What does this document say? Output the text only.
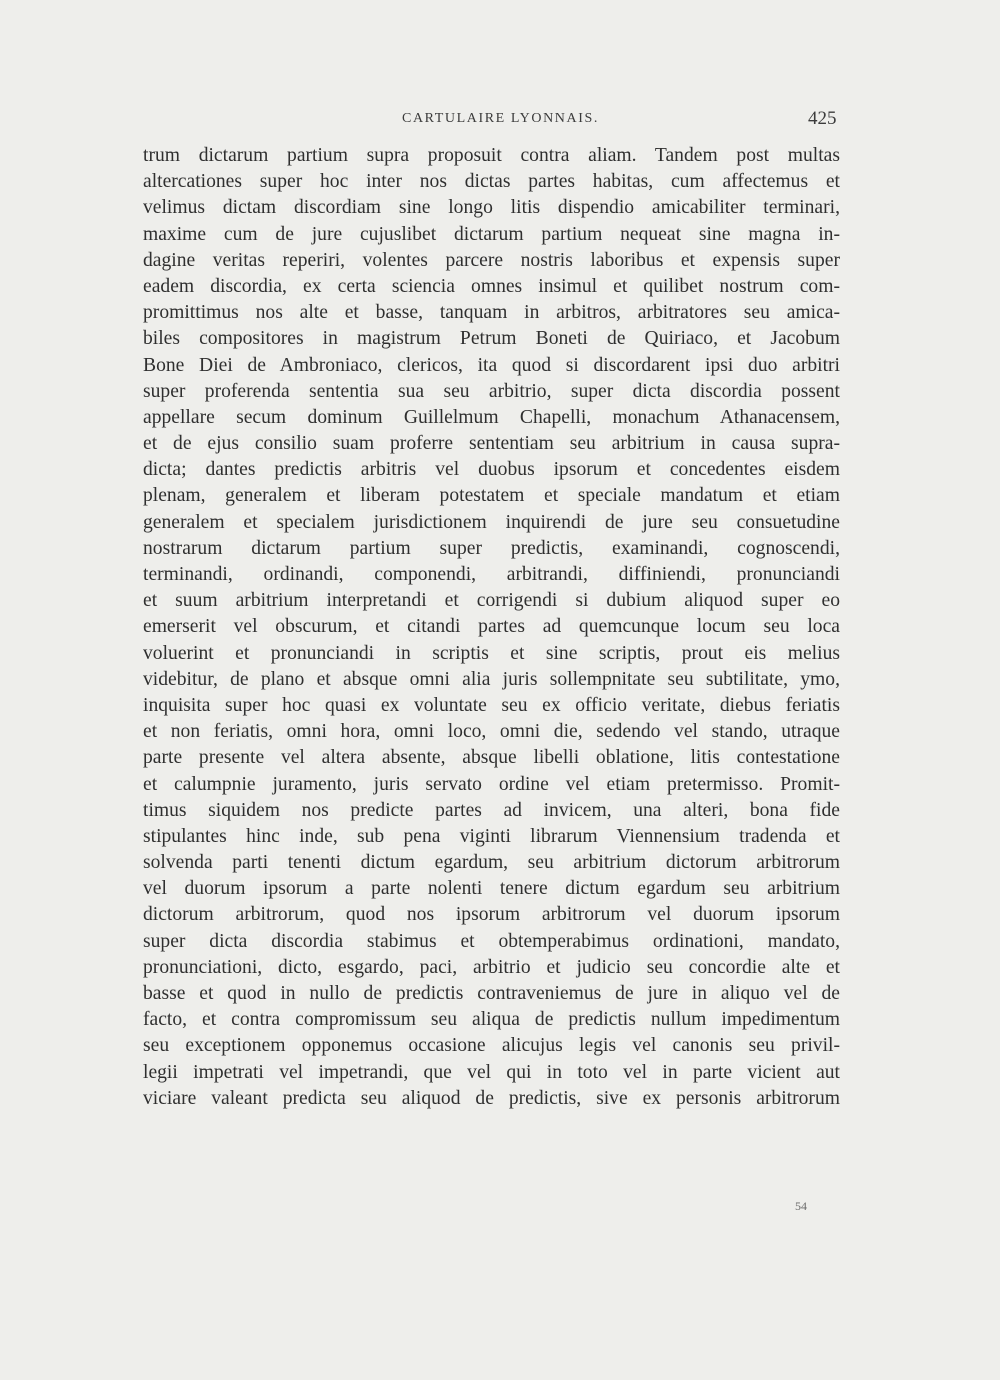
CARTULAIRE LYONNAIS.	425
trum dictarum partium supra proposuit contra aliam. Tandem post multas
altercationes super hoc inter nos dictas partes habitas, cum affectemus et
velimus dictam discordiam sine longo litis dispendio amicabiliter terminari,
maxime cum de jure cujuslibet dictarum partium nequeat sine magna in-
dagine veritas reperiri, volentes parcere nostris laboribus et expensis super
eadem discordia, ex certa sciencia omnes insimul et quilibet nostrum com-
promittimus nos alte et basse, tanquam in arbitros, arbitratores seu amica-
biles compositores in magistrum Petrum Boneti de Quiriaco, et Jacobum
Bone Diei de Ambroniaco, clericos, ita quod si discordarent ipsi duo arbitri
super proferenda sententia sua seu arbitrio, super dicta discordia possent
appellare secum dominum Guillelmum Chapelli, monachum Athanacensem,
et de ejus consilio suam proferre sententiam seu arbitrium in causa supra-
dicta; dantes predictis arbitris vel duobus ipsorum et concedentes eisdem
plenam, generalem et liberam potestatem et speciale mandatum et etiam
generalem et specialem jurisdictionem inquirendi de jure seu consuetudine
nostrarum dictarum partium super predictis, examinandi, cognoscendi,
terminandi, ordinandi, componendi, arbitrandi, diffiniendi, pronunciandi
et suum arbitrium interpretandi et corrigendi si dubium aliquod super eo
emerserit vel obscurum, et citandi partes ad quemcunque locum seu loca
voluerint et pronunciandi in scriptis et sine scriptis, prout eis melius
videbitur, de plano et absque omni alia juris sollempnitate seu subtilitate, ymo,
inquisita super hoc quasi ex voluntate seu ex officio veritate, diebus feriatis
et non feriatis, omni hora, omni loco, omni die, sedendo vel stando, utraque
parte presente vel altera absente, absque libelli oblatione, litis contestatione
et calumpnie juramento, juris servato ordine vel etiam pretermisso. Promit-
timus siquidem nos predicte partes ad invicem, una alteri, bona fide
stipulantes hinc inde, sub pena viginti librarum Viennensium tradenda et
solvenda parti tenenti dictum egardum, seu arbitrium dictorum arbitrorum
vel duorum ipsorum a parte nolenti tenere dictum egardum seu arbitrium
dictorum arbitrorum, quod nos ipsorum arbitrorum vel duorum ipsorum
super dicta discordia stabimus et obtemperabimus ordinationi, mandato,
pronunciationi, dicto, esgardo, paci, arbitrio et judicio seu concordie alte et
basse et quod in nullo de predictis contraveniemus de jure in aliquo vel de
facto, et contra compromissum seu aliqua de predictis nullum impedimentum
seu exceptionem opponemus occasione alicujus legis vel canonis seu privil-
legii impetrati vel impetrandi, que vel qui in toto vel in parte vicient aut
viciare valeant predicta seu aliquod de predictis, sive ex personis arbitrorum
54
